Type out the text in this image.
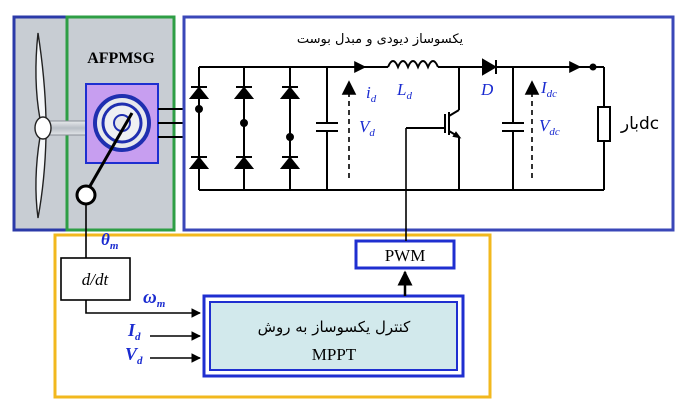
AFPMSG
یکسوساز دیودی و مبدل بوست
بارdc
$i_d$
$V_d$
$L_d$	D	$I_{dc}$
$V_{dc}$
PWM
کنترل یکسوساز به روش
MPPT
d/dt
$\theta_m$
$\omega_m$
$I_d$
$V_d$
